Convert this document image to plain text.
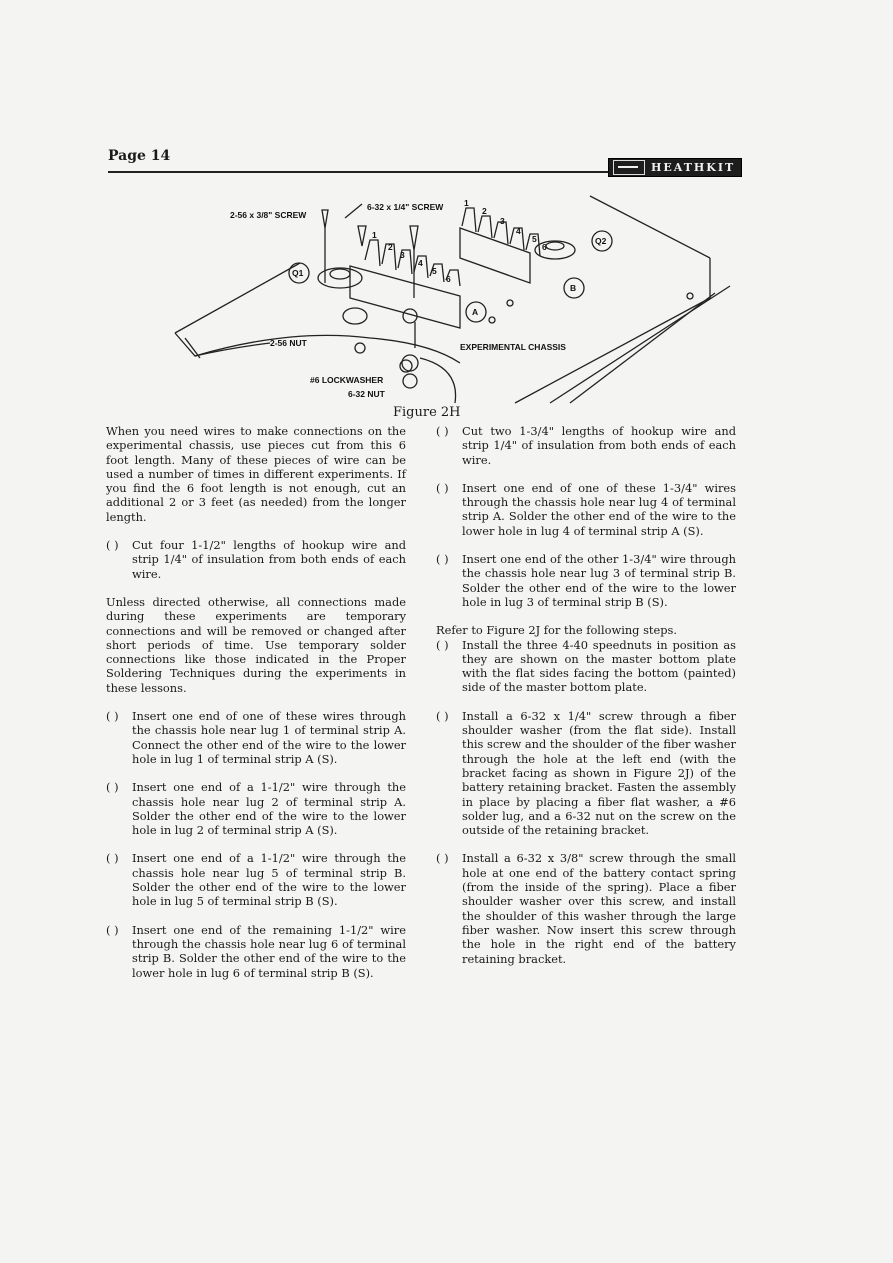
Page 14
HEATHKIT
2-56 x 3/8" SCREW
6-32 x 1/4" SCREW
2-56 NUT
#6 LOCKWASHER
6-32 NUT
EXPERIMENTAL CHASSIS
Q1
Q2
B
A
1
2
3
4
5
6
1
2
3
4
5
6
Figure 2H

When you need wires to make connections on the experimental chassis, use pieces cut from this 6 foot length. Many of these pieces of wire can be used a number of times in different experiments. If you find the 6 foot length is not enough, cut an additional 2 or 3 feet (as needed) from the longer length.

( )	Cut four 1-1/2" lengths of hookup wire and strip 1/4" of insulation from both ends of each wire.

Unless directed otherwise, all connections made during these experiments are temporary connections and will be removed or changed after short periods of time. Use temporary solder connections like those indicated in the Proper Soldering Techniques during the experiments in these lessons.

( )	Insert one end of one of these wires through the chassis hole near lug 1 of terminal strip A. Connect the other end of the wire to the lower hole in lug 1 of terminal strip A (S).
( )	Insert one end of a 1-1/2" wire through the chassis hole near lug 2 of terminal strip A. Solder the other end of the wire to the lower hole in lug 2 of terminal strip A (S).
( )	Insert one end of a 1-1/2" wire through the chassis hole near lug 5 of terminal strip B. Solder the other end of the wire to the lower hole in lug 5 of terminal strip B (S).
( )	Insert one end of the remaining 1-1/2" wire through the chassis hole near lug 6 of terminal strip B. Solder the other end of the wire to the lower hole in lug 6 of terminal strip B (S).
( )	Cut two 1-3/4" lengths of hookup wire and strip 1/4" of insulation from both ends of each wire.
( )	Insert one end of one of these 1-3/4" wires through the chassis hole near lug 4 of terminal strip A. Solder the other end of the wire to the lower hole in lug 4 of terminal strip A (S).
( )	Insert one end of the other 1-3/4" wire through the chassis hole near lug 3 of terminal strip B. Solder the other end of the wire to the lower hole in lug 3 of terminal strip B (S).

Refer to Figure 2J for the following steps.

( )	Install the three 4-40 speednuts in position as they are shown on the master bottom plate with the flat sides facing the bottom (painted) side of the master bottom plate.
( )	Install a 6-32 x 1/4" screw through a fiber shoulder washer (from the flat side). Install this screw and the shoulder of the fiber washer through the hole at the left end (with the bracket facing as shown in Figure 2J) of the battery retaining bracket. Fasten the assembly in place by placing a fiber flat washer, a #6 solder lug, and a 6-32 nut on the screw on the outside of the retaining bracket.
( )	Install a 6-32 x 3/8" screw through the small hole at one end of the battery contact spring (from the inside of the spring). Place a fiber shoulder washer over this screw, and install the shoulder of this washer through the large fiber washer. Now insert this screw through the hole in the right end of the battery retaining bracket.
